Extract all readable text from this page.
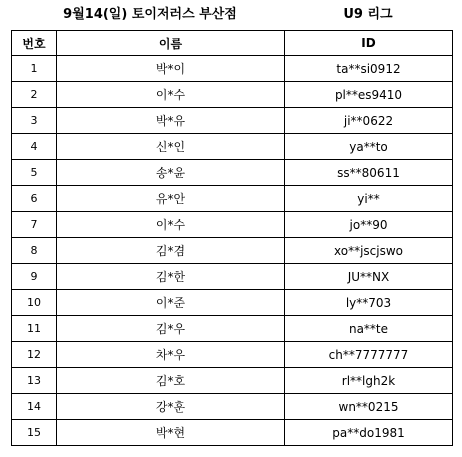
9월14(일) 토이저러스 부산점	U9 리그
번호	이름	ID
1	박*이	ta**si0912
2	이*수	pl**es9410
3	박*유	ji**0622
4	신*인	ya**to
5	송*윤	ss**80611
6	유*안	yi**
7	이*수	jo**90
8	김*겸	xo**jscjswo
9	김*한	JU**NX
10	이*준	ly**703
11	김*우	na**te
12	차*우	ch**7777777
13	김*호	rl**lgh2k
14	강*훈	wn**0215
15	박*현	pa**do1981
